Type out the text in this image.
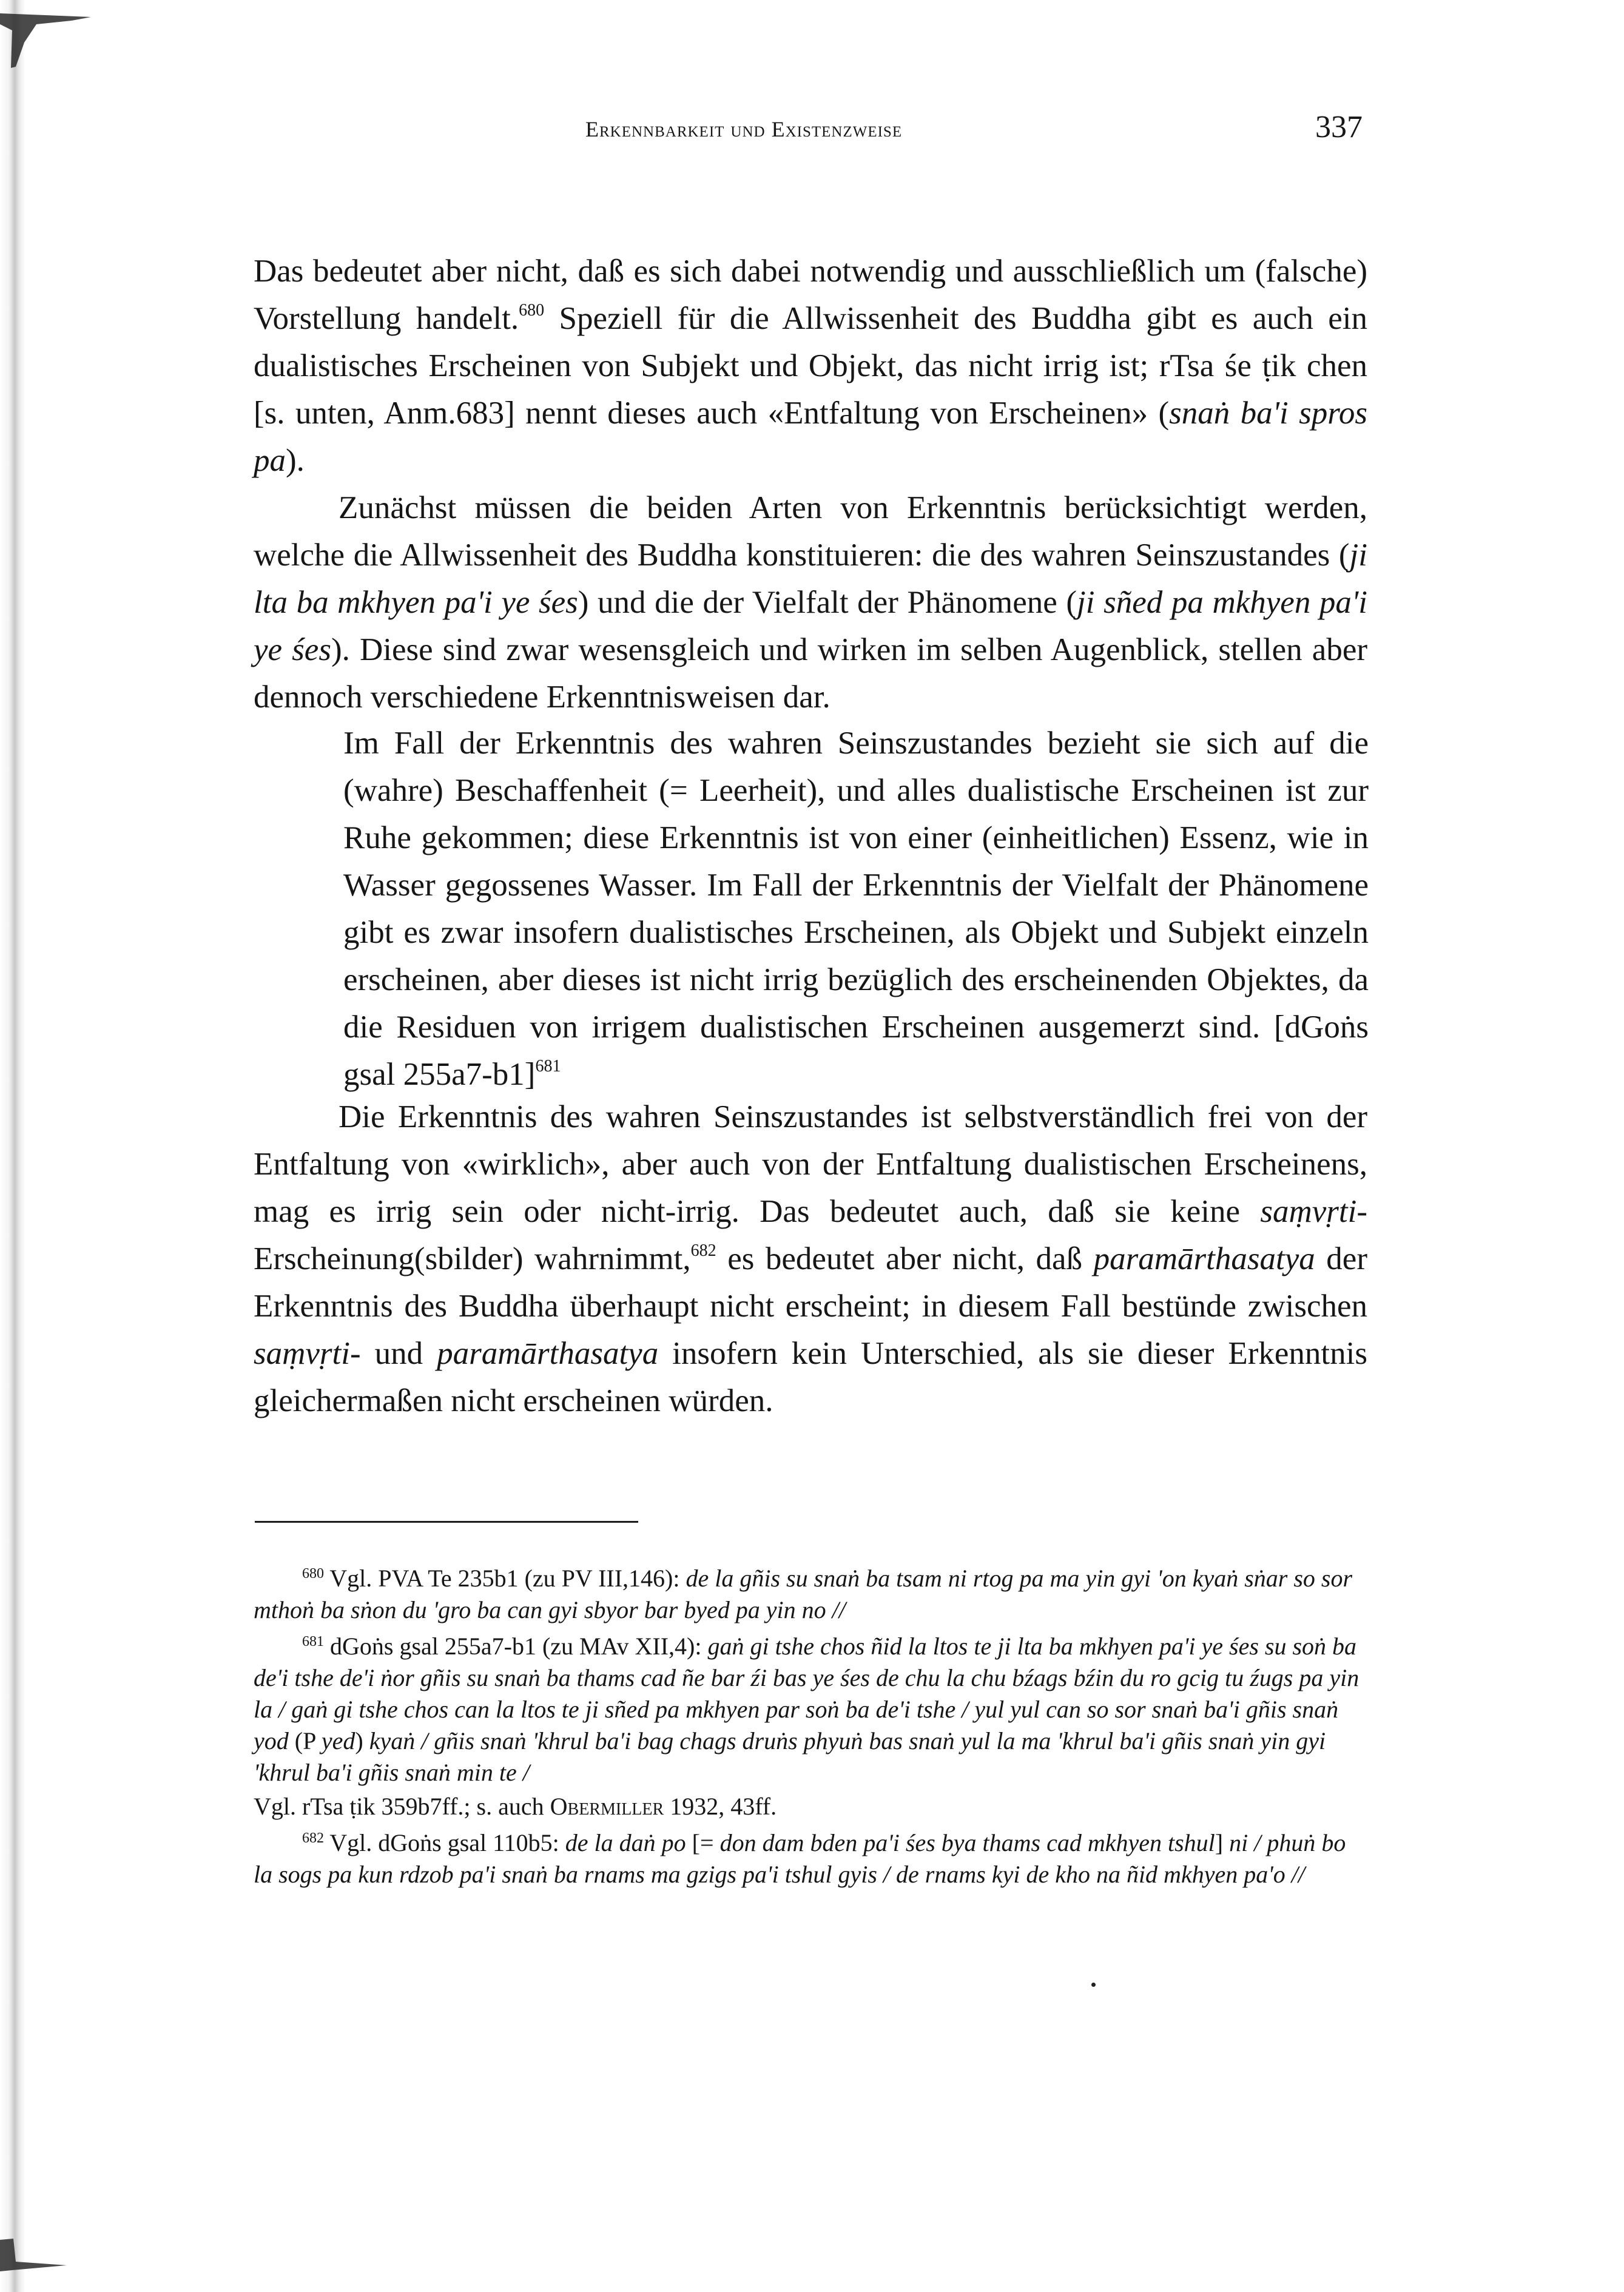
Erkennbarkeit und Existenzweise	337

Das bedeutet aber nicht, daß es sich dabei notwendig und ausschließlich um (falsche) Vorstellung handelt.$^{680}$ Speziell für die Allwissenheit des Buddha gibt es auch ein dualistisches Erscheinen von Subjekt und Objekt, das nicht irrig ist; rTsa śe ṭik chen [s. unten, Anm.683] nennt dieses auch «Entfaltung von Erscheinen» (snaṅ ba'i spros pa).

Zunächst müssen die beiden Arten von Erkenntnis berücksichtigt werden, welche die Allwissenheit des Buddha konstituieren: die des wahren Seinszustandes (ji lta ba mkhyen pa'i ye śes) und die der Vielfalt der Phänomene (ji sñed pa mkhyen pa'i ye śes). Diese sind zwar wesensgleich und wirken im selben Augenblick, stellen aber dennoch verschiedene Erkenntnisweisen dar.

Im Fall der Erkenntnis des wahren Seinszustandes bezieht sie sich auf die (wahre) Beschaffenheit (= Leerheit), und alles dualistische Erscheinen ist zur Ruhe gekommen; diese Erkenntnis ist von einer (einheitlichen) Essenz, wie in Wasser gegossenes Wasser. Im Fall der Erkenntnis der Vielfalt der Phänomene gibt es zwar insofern dualistisches Erscheinen, als Objekt und Subjekt einzeln erscheinen, aber dieses ist nicht irrig bezüglich des erscheinenden Objektes, da die Residuen von irrigem dualistischen Erscheinen ausgemerzt sind. [dGoṅs gsal 255a7-b1]$^{681}$

Die Erkenntnis des wahren Seinszustandes ist selbstverständlich frei von der Entfaltung von «wirklich», aber auch von der Entfaltung dualistischen Erscheinens, mag es irrig sein oder nicht-irrig. Das bedeutet auch, daß sie keine saṃvṛti-Erscheinung(sbilder) wahrnimmt,$^{682}$ es bedeutet aber nicht, daß paramārthasatya der Erkenntnis des Buddha überhaupt nicht erscheint; in diesem Fall bestünde zwischen saṃvṛti- und paramārthasatya insofern kein Unterschied, als sie dieser Erkenntnis gleichermaßen nicht erscheinen würden.

$^{680}$ Vgl. PVA Te 235b1 (zu PV III,146): de la gñis su snaṅ ba tsam ni rtog pa ma yin gyi 'on kyaṅ sṅar so sor mthoṅ ba sṅon du 'gro ba can gyi sbyor bar byed pa yin no //

$^{681}$ dGoṅs gsal 255a7-b1 (zu MAv XII,4): gaṅ gi tshe chos ñid la ltos te ji lta ba mkhyen pa'i ye śes su soṅ ba de'i tshe de'i ṅor gñis su snaṅ ba thams cad ñe bar źi bas ye śes de chu la chu bźags bźin du ro gcig tu źugs pa yin la / gaṅ gi tshe chos can la ltos te ji sñed pa mkhyen par soṅ ba de'i tshe / yul yul can so sor snaṅ ba'i gñis snaṅ yod (P yed) kyaṅ / gñis snaṅ 'khrul ba'i bag chags druṅs phyuṅ bas snaṅ yul la ma 'khrul ba'i gñis snaṅ yin gyi 'khrul ba'i gñis snaṅ min te /

Vgl. rTsa ṭik 359b7ff.; s. auch Obermiller 1932, 43ff.

$^{682}$ Vgl. dGoṅs gsal 110b5: de la daṅ po [= don dam bden pa'i śes bya thams cad mkhyen tshul] ni / phuṅ bo la sogs pa kun rdzob pa'i snaṅ ba rnams ma gzigs pa'i tshul gyis / de rnams kyi de kho na ñid mkhyen pa'o //
